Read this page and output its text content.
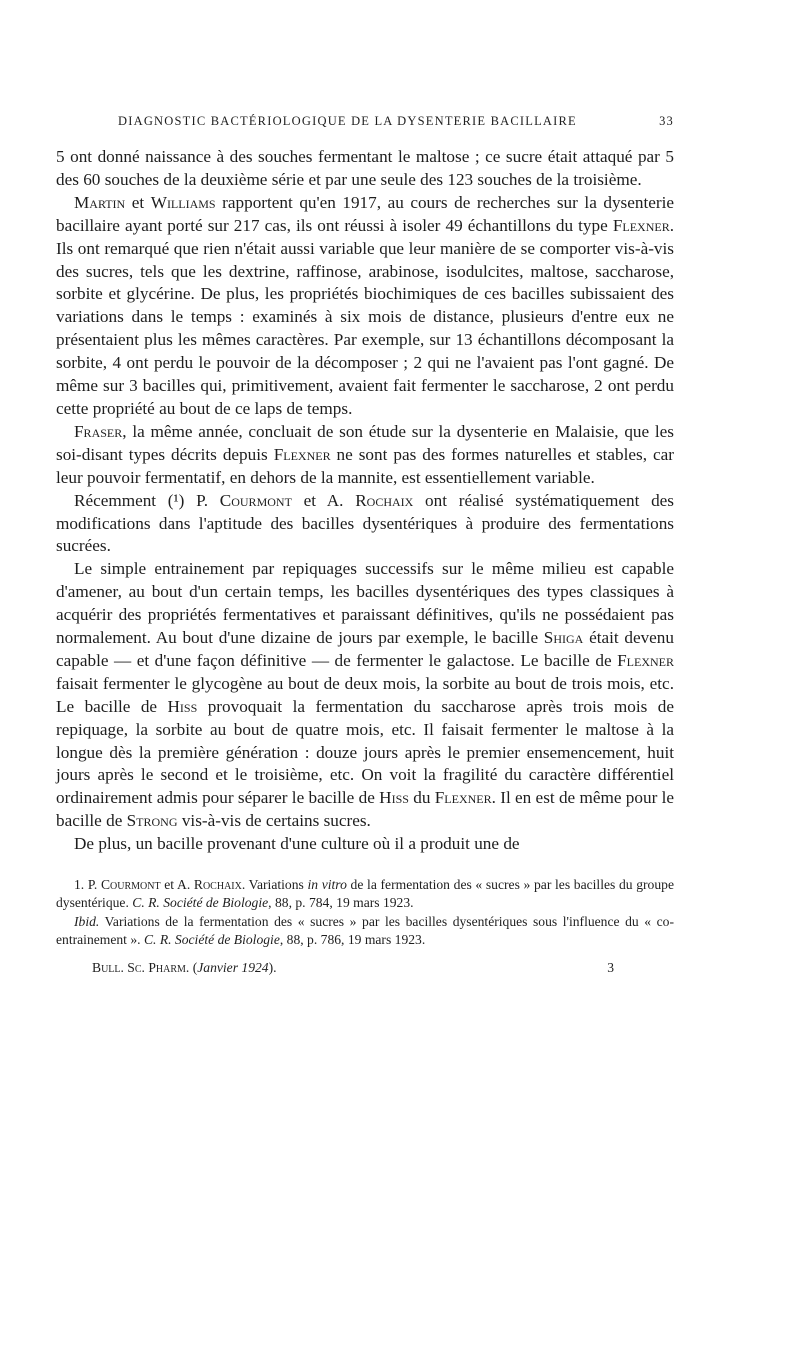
DIAGNOSTIC BACTÉRIOLOGIQUE DE LA DYSENTERIE BACILLAIRE	33

5 ont donné naissance à des souches fermentant le maltose ; ce sucre était attaqué par 5 des 60 souches de la deuxième série et par une seule des 123 souches de la troisième.

Martin et Williams rapportent qu'en 1917, au cours de recherches sur la dysenterie bacillaire ayant porté sur 217 cas, ils ont réussi à isoler 49 échantillons du type Flexner. Ils ont remarqué que rien n'était aussi variable que leur manière de se comporter vis-à-vis des sucres, tels que les dextrine, raffinose, arabinose, isodulcites, maltose, saccharose, sorbite et glycérine. De plus, les propriétés biochimiques de ces bacilles subissaient des variations dans le temps : examinés à six mois de distance, plusieurs d'entre eux ne présentaient plus les mêmes caractères. Par exemple, sur 13 échantillons décomposant la sorbite, 4 ont perdu le pouvoir de la décomposer ; 2 qui ne l'avaient pas l'ont gagné. De même sur 3 bacilles qui, primitivement, avaient fait fermenter le saccharose, 2 ont perdu cette propriété au bout de ce laps de temps.

Fraser, la même année, concluait de son étude sur la dysenterie en Malaisie, que les soi-disant types décrits depuis Flexner ne sont pas des formes naturelles et stables, car leur pouvoir fermentatif, en dehors de la mannite, est essentiellement variable.

Récemment (¹) P. Courmont et A. Rochaix ont réalisé systématiquement des modifications dans l'aptitude des bacilles dysentériques à produire des fermentations sucrées.

Le simple entrainement par repiquages successifs sur le même milieu est capable d'amener, au bout d'un certain temps, les bacilles dysentériques des types classiques à acquérir des propriétés fermentatives et paraissant définitives, qu'ils ne possédaient pas normalement. Au bout d'une dizaine de jours par exemple, le bacille Shiga était devenu capable — et d'une façon définitive — de fermenter le galactose. Le bacille de Flexner faisait fermenter le glycogène au bout de deux mois, la sorbite au bout de trois mois, etc. Le bacille de Hiss provoquait la fermentation du saccharose après trois mois de repiquage, la sorbite au bout de quatre mois, etc. Il faisait fermenter le maltose à la longue dès la première génération : douze jours après le premier ensemencement, huit jours après le second et le troisième, etc. On voit la fragilité du caractère différentiel ordinairement admis pour séparer le bacille de Hiss du Flexner. Il en est de même pour le bacille de Strong vis-à-vis de certains sucres.

De plus, un bacille provenant d'une culture où il a produit une de

1. P. Courmont et A. Rochaix. Variations in vitro de la fermentation des « sucres » par les bacilles du groupe dysentérique. C. R. Société de Biologie, 88, p. 784, 19 mars 1923.

Ibid. Variations de la fermentation des « sucres » par les bacilles dysentériques sous l'influence du « co-entrainement ». C. R. Société de Biologie, 88, p. 786, 19 mars 1923.

Bull. Sc. Pharm. (Janvier 1924).	3
